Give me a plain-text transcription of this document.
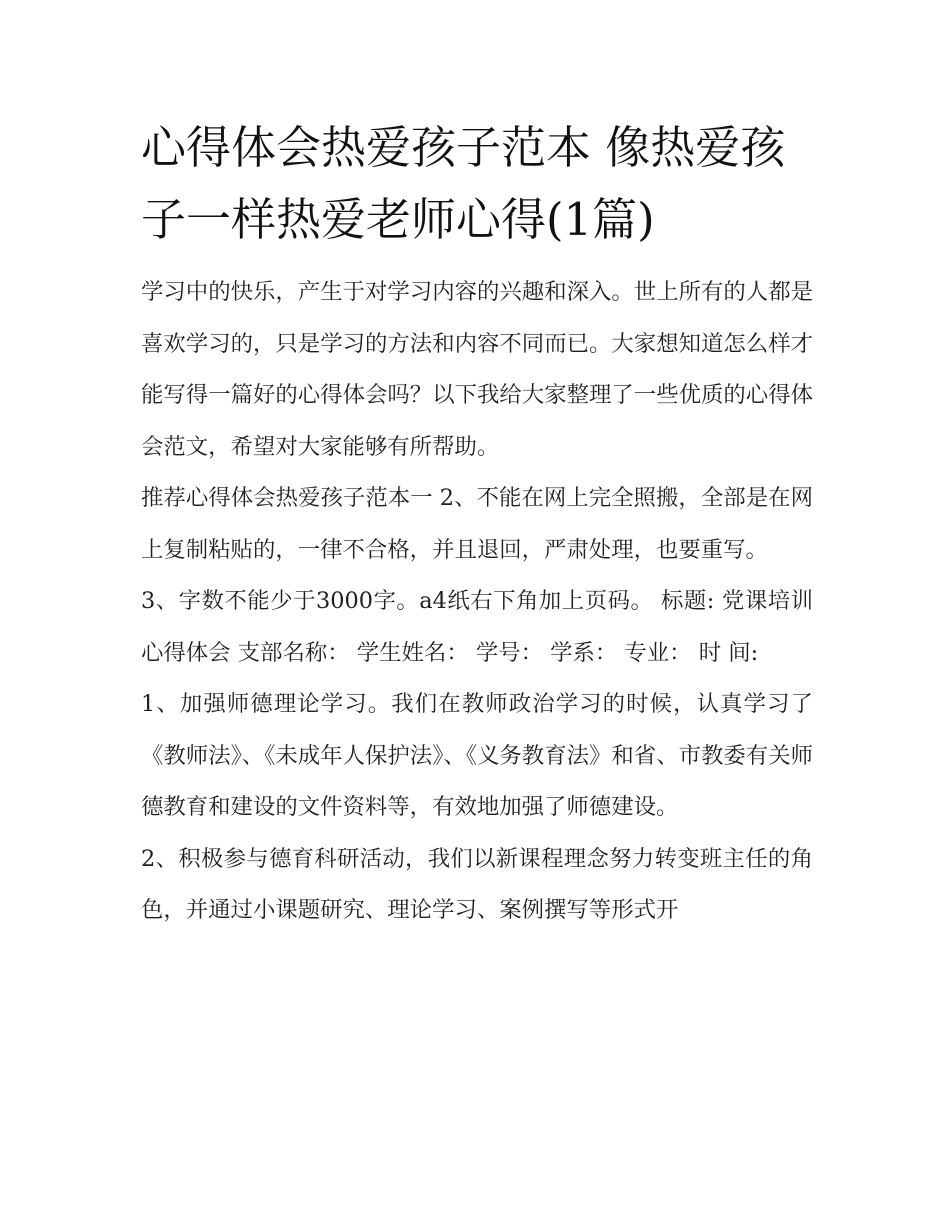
心得体会热爱孩子范本 像热爱孩子一样热爱老师心得(1篇)

学习中的快乐，产生于对学习内容的兴趣和深入。世上所有的人都是喜欢学习的，只是学习的方法和内容不同而已。大家想知道怎么样才能写得一篇好的心得体会吗？以下我给大家整理了一些优质的心得体会范文，希望对大家能够有所帮助。

推荐心得体会热爱孩子范本一 2、不能在网上完全照搬，全部是在网上复制粘贴的，一律不合格，并且退回，严肃处理，也要重写。

3、字数不能少于3000字。a4纸右下角加上页码。 标题: 党课培训心得体会 支部名称： 学生姓名： 学号： 学系： 专业： 时 间:

1、加强师德理论学习。我们在教师政治学习的时候，认真学习了《教师法》、《未成年人保护法》、《义务教育法》和省、市教委有关师德教育和建设的文件资料等，有效地加强了师德建设。

2、积极参与德育科研活动，我们以新课程理念努力转变班主任的角色，并通过小课题研究、理论学习、案例撰写等形式开
